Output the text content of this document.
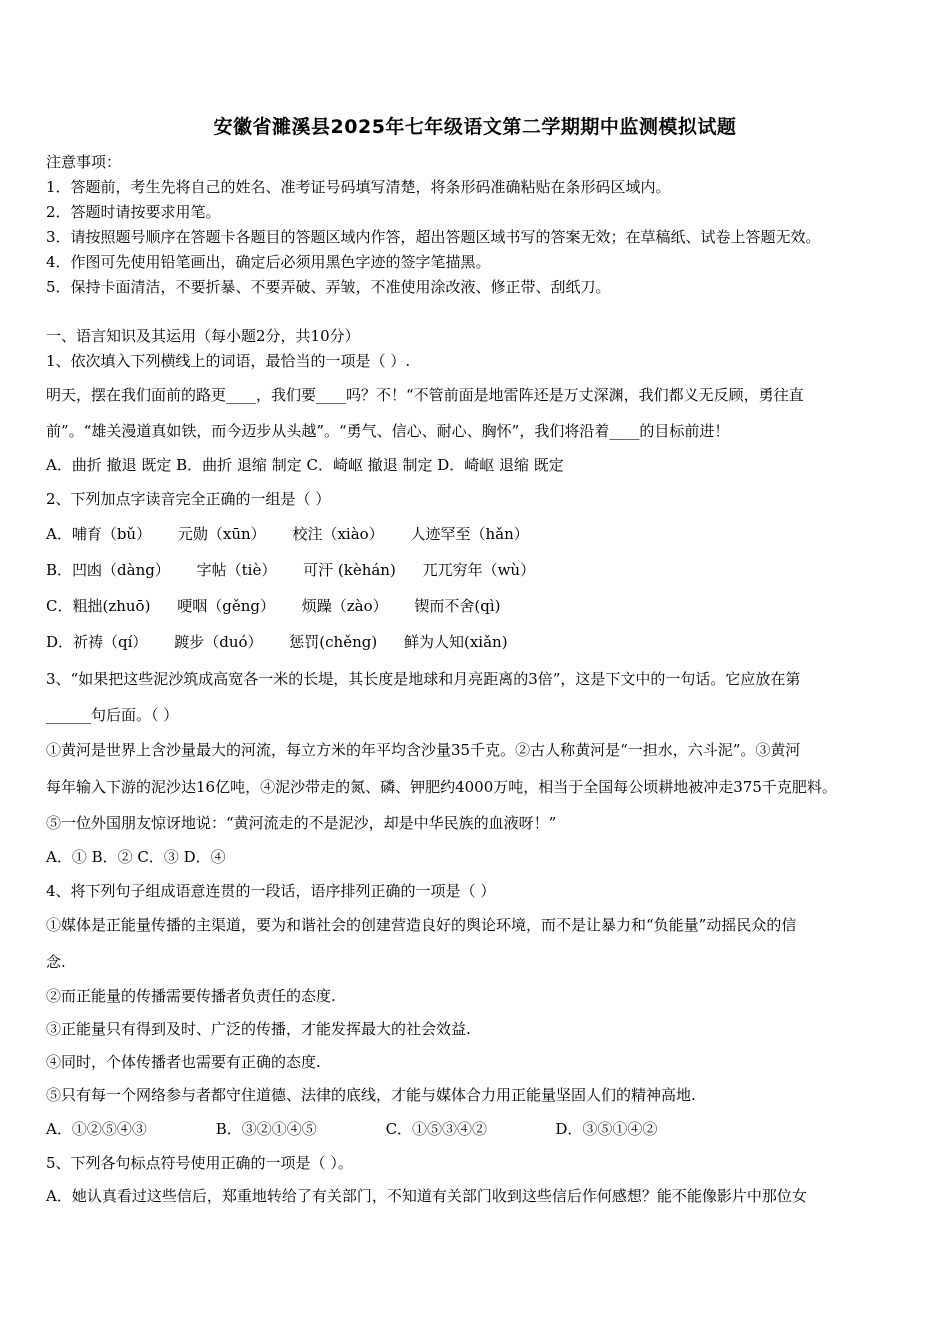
安徽省濉溪县2025年七年级语文第二学期期中监测模拟试题
注意事项：
1．答题前，考生先将自己的姓名、准考证号码填写清楚，将条形码准确粘贴在条形码区域内。
2．答题时请按要求用笔。
3．请按照题号顺序在答题卡各题目的答题区域内作答，超出答题区域书写的答案无效；在草稿纸、试卷上答题无效。
4．作图可先使用铅笔画出，确定后必须用黑色字迹的签字笔描黑。
5．保持卡面清洁，不要折暴、不要弄破、弄皱，不准使用涂改液、修正带、刮纸刀。
一、语言知识及其运用（每小题2分，共10分）
1、依次填入下列横线上的词语，最恰当的一项是（ ）.
明天，摆在我们面前的路更____，我们要____吗？不！“不管前面是地雷阵还是万丈深渊，我们都义无反顾，勇往直
前”。“雄关漫道真如铁，而今迈步从头越”。“勇气、信心、耐心、胸怀”，我们将沿着____的目标前进！
A．曲折 撤退 既定 B．曲折 退缩 制定 C．崎岖 撤退 制定 D．崎岖 退缩 既定
2、下列加点字读音完全正确的一组是（ ）
A．哺育（bǔ） 元勋（xūn） 校注（xiào） 人迹罕至（hǎn）
B．凹凼（dàng） 字帖（tiè） 可汗 (kèhán) 兀兀穷年（wù）
C．粗拙(zhuō) 哽咽（gěng） 烦躁（zào） 锲而不舍(qì)
D．祈祷（qí） 踱步（duó） 惩罚(chěng) 鲜为人知(xiǎn)
3、“如果把这些泥沙筑成高宽各一米的长堤，其长度是地球和月亮距离的3倍”，这是下文中的一句话。它应放在第
______句后面。（ ）
①黄河是世界上含沙量最大的河流，每立方米的年平均含沙量35千克。②古人称黄河是“一担水，六斗泥”。③黄河
每年输入下游的泥沙达16亿吨，④泥沙带走的氮、磷、钾肥约4000万吨，相当于全国每公顷耕地被冲走375千克肥料。
⑤一位外国朋友惊讶地说：“黄河流走的不是泥沙，却是中华民族的血液呀！”
A．① B．② C．③ D．④
4、将下列句子组成语意连贯的一段话，语序排列正确的一项是（ ）
①媒体是正能量传播的主渠道，要为和谐社会的创建营造良好的舆论环境，而不是让暴力和“负能量”动摇民众的信
念.
②而正能量的传播需要传播者负责任的态度.
③正能量只有得到及时、广泛的传播，才能发挥最大的社会效益.
④同时，个体传播者也需要有正确的态度.
⑤只有每一个网络参与者都守住道德、法律的底线，才能与媒体合力用正能量坚固人们的精神高地.
A．①②⑤④③	B．③②①④⑤	C．①⑤③④②	D．③⑤①④②
5、下列各句标点符号使用正确的一项是（ ）。
A．她认真看过这些信后，郑重地转给了有关部门，不知道有关部门收到这些信后作何感想？能不能像影片中那位女
